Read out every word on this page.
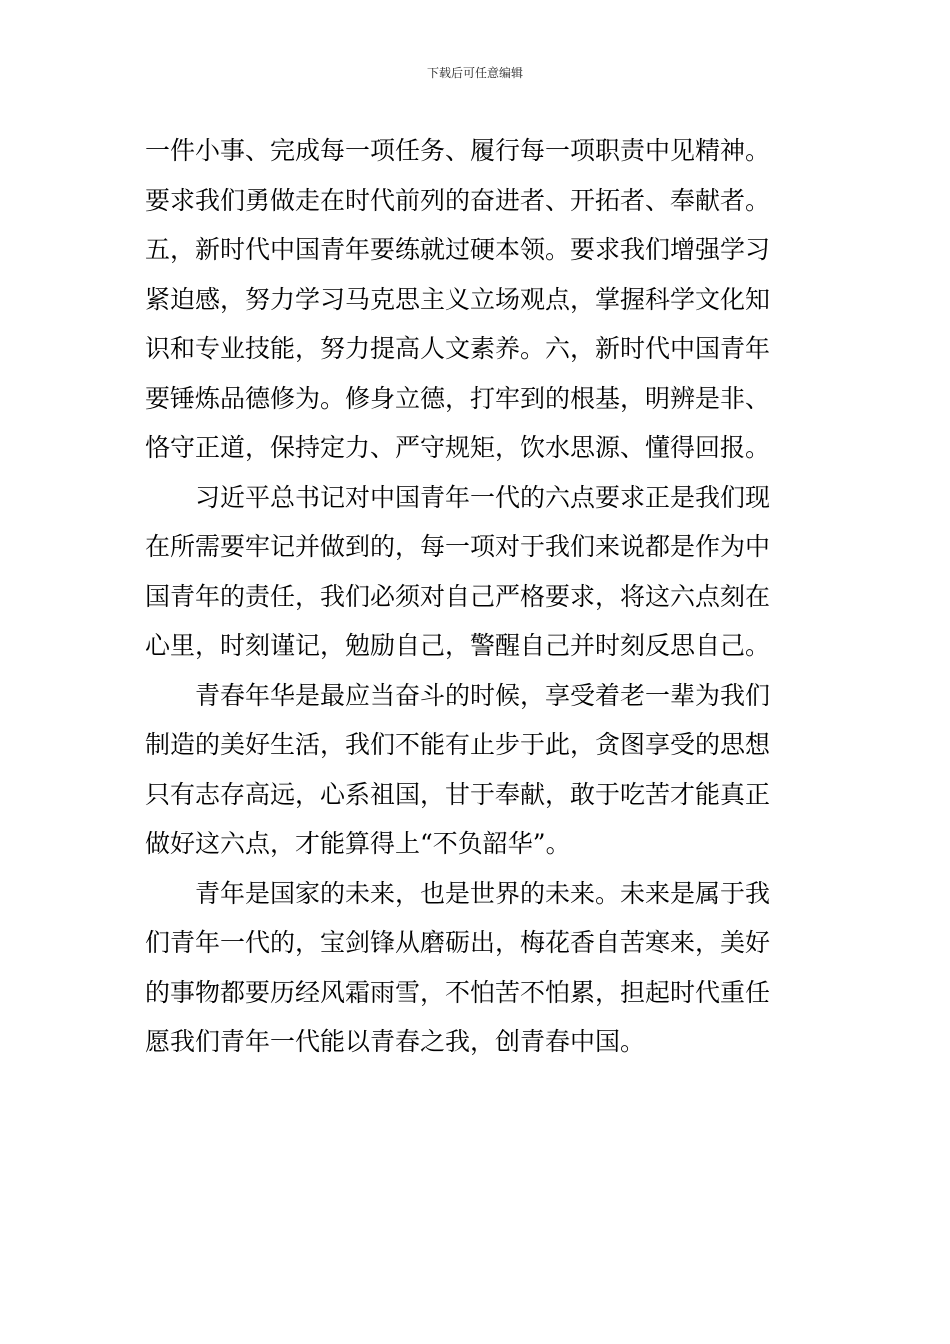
下载后可任意编辑
一件小事、完成每一项任务、履行每一项职责中见精神。
要求我们勇做走在时代前列的奋进者、开拓者、奉献者。
五，新时代中国青年要练就过硬本领。要求我们增强学习
紧迫感，努力学习马克思主义立场观点，掌握科学文化知
识和专业技能，努力提高人文素养。六，新时代中国青年
要锤炼品德修为。修身立德，打牢到的根基，明辨是非、
恪守正道，保持定力、严守规矩，饮水思源、懂得回报。
习近平总书记对中国青年一代的六点要求正是我们现
在所需要牢记并做到的，每一项对于我们来说都是作为中
国青年的责任，我们必须对自己严格要求，将这六点刻在
心里，时刻谨记，勉励自己，警醒自己并时刻反思自己。
青春年华是最应当奋斗的时候，享受着老一辈为我们
制造的美好生活，我们不能有止步于此，贪图享受的思想
只有志存高远，心系祖国，甘于奉献，敢于吃苦才能真正
做好这六点，才能算得上“不负韶华”。
青年是国家的未来，也是世界的未来。未来是属于我
们青年一代的，宝剑锋从磨砺出，梅花香自苦寒来，美好
的事物都要历经风霜雨雪，不怕苦不怕累，担起时代重任
愿我们青年一代能以青春之我，创青春中国。
